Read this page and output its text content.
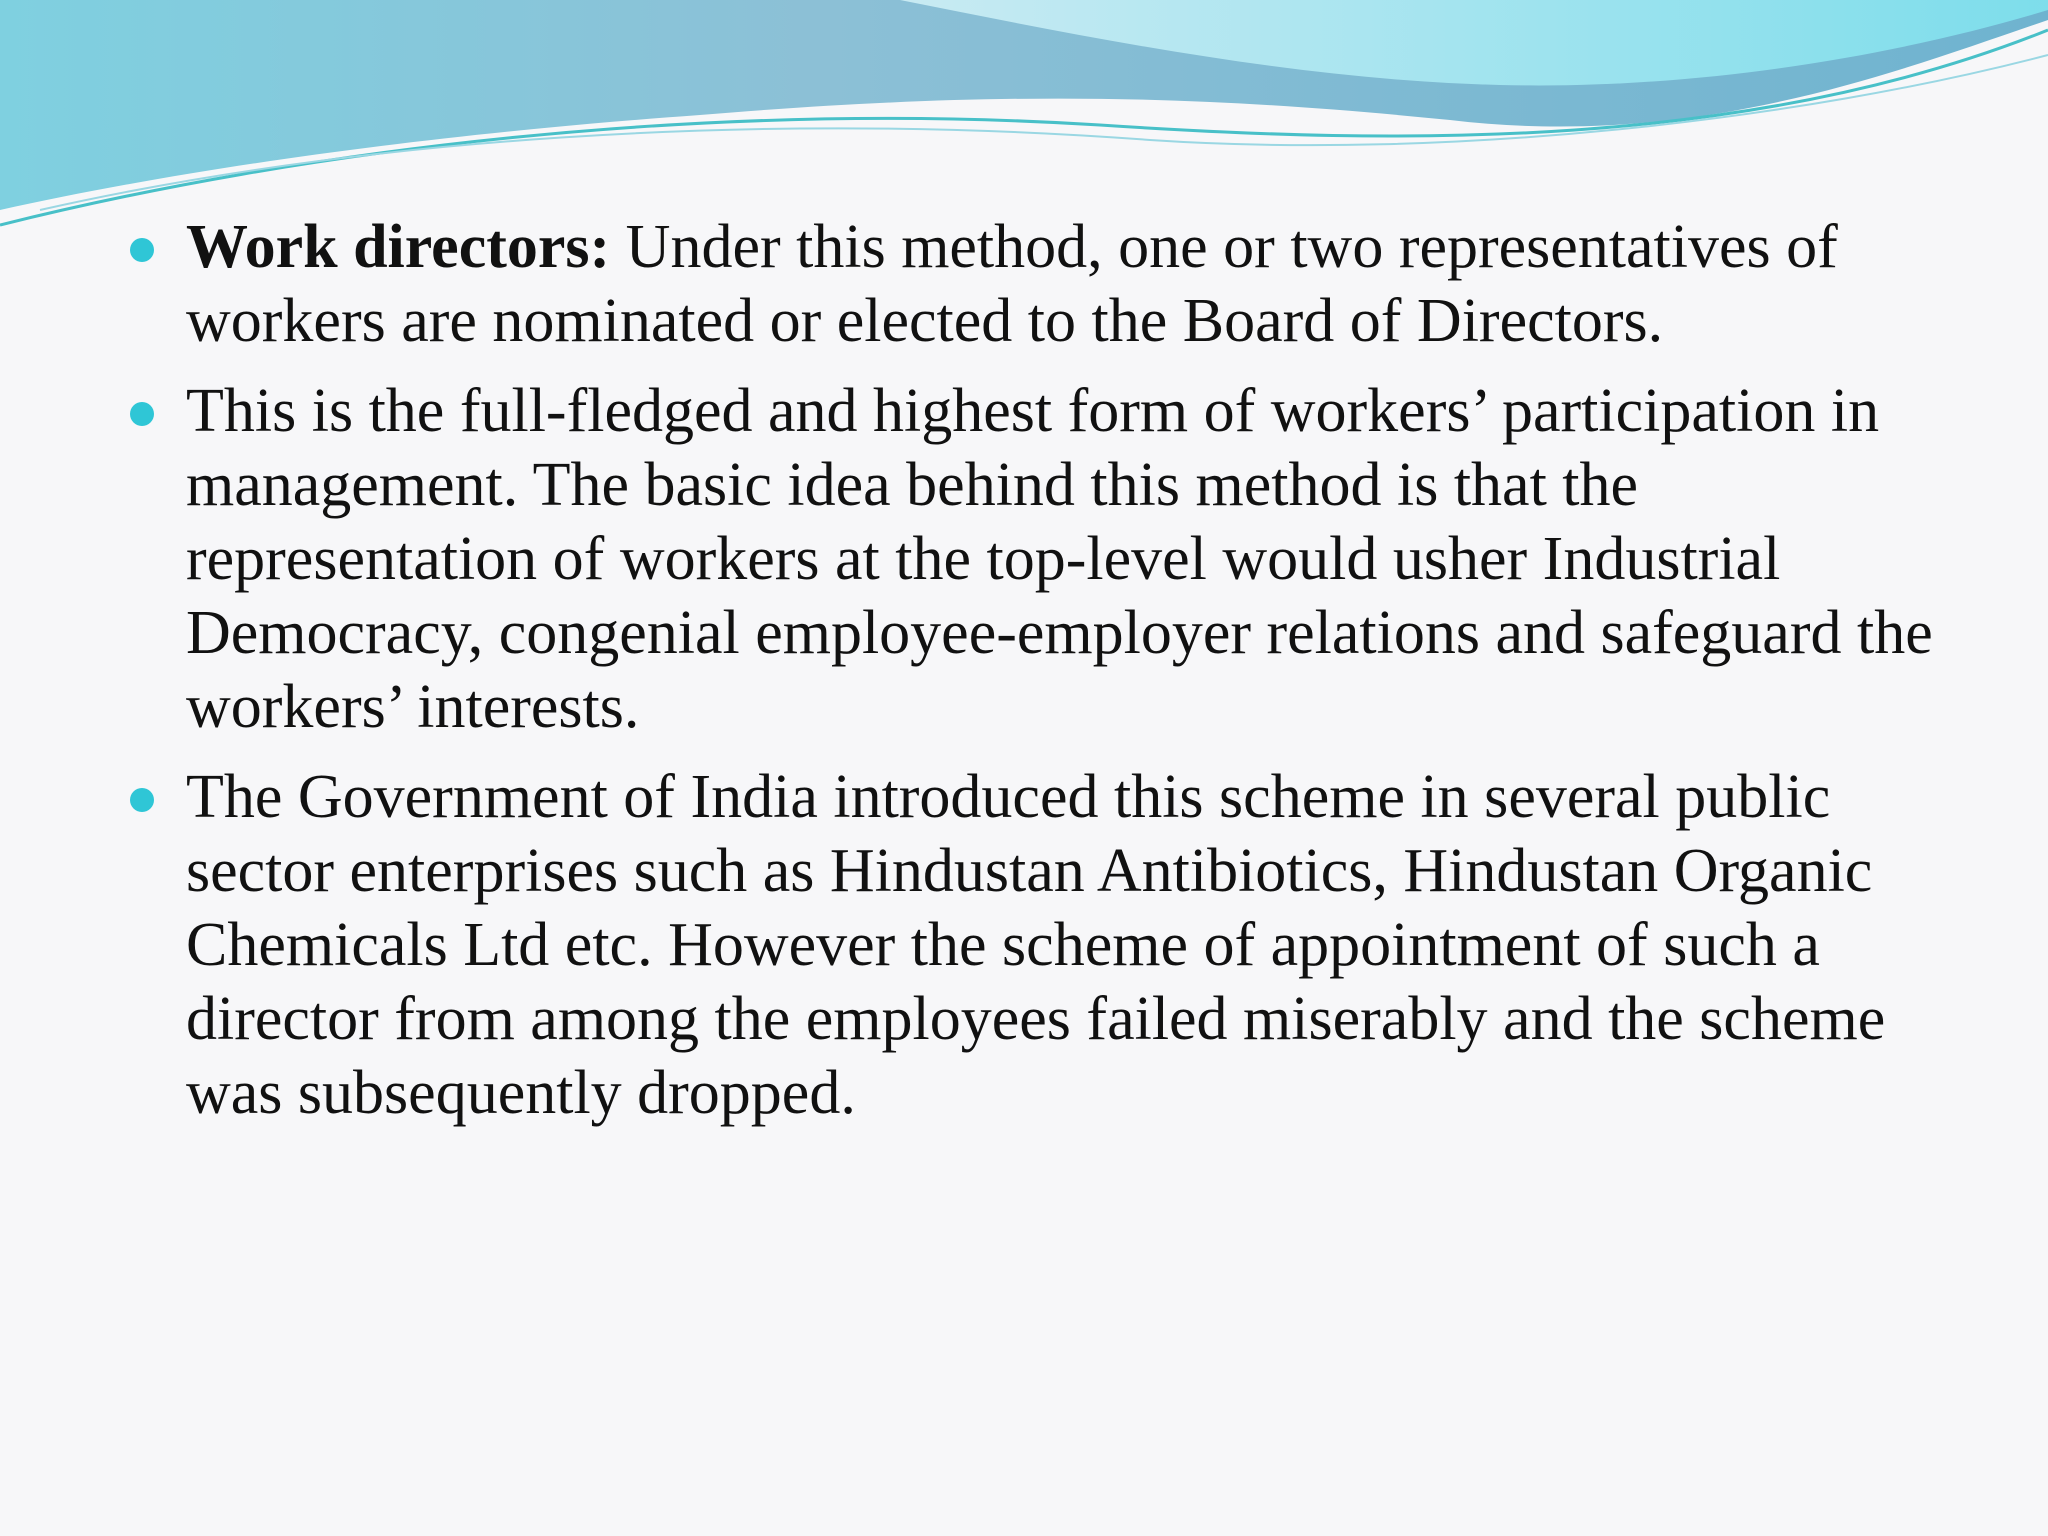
Work directors: Under this method, one or two representatives of workers are nominated or elected to the Board of Directors.
This is the full-fledged and highest form of workers’ participation in management. The basic idea behind this method is that the representation of workers at the top-level would usher Industrial Democracy, congenial employee-employer relations and safeguard the workers’ interests.
The Government of India introduced this scheme in several public sector enterprises such as Hindustan Antibiotics, Hindustan Organic Chemicals Ltd etc. However the scheme of appointment of such a director from among the employees failed miserably and the scheme was subsequently dropped.
